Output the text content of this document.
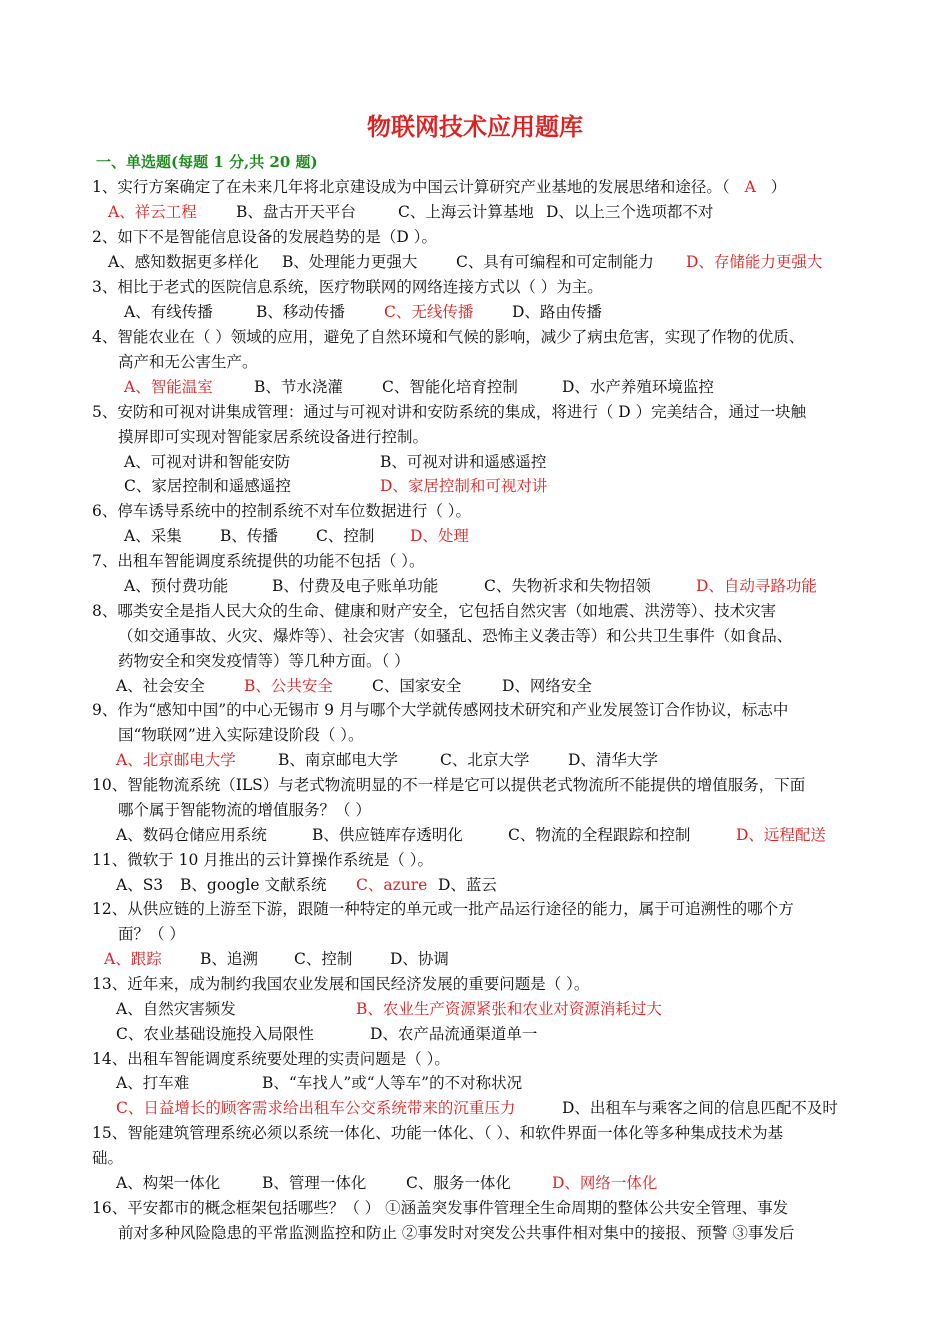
物联网技术应用题库
一、单选题(每题 1 分,共 20 题)
1、实行方案确定了在未来几年将北京建设成为中国云计算研究产业基地的发展思绪和途径。（ A ）
A、祥云工程	B、盘古开天平台	C、上海云计算基地 D、以上三个选项都不对
2、如下不是智能信息设备的发展趋势的是（D ）。
A、感知数据更多样化 B、处理能力更强大 C、具有可编程和可定制能力 D、存储能力更强大
3、相比于老式的医院信息系统，医疗物联网的网络连接方式以（ ）为主。
A、有线传播	B、移动传播	C、无线传播 D、路由传播
4、智能农业在（ ）领域的应用，避免了自然环境和气候的影响，减少了病虫危害，实现了作物的优质、
高产和无公害生产。
A、智能温室	B、节水浇灌	C、智能化培育控制	D、水产养殖环境监控
5、安防和可视对讲集成管理：通过与可视对讲和安防系统的集成，将进行（ D ）完美结合，通过一块触
摸屏即可实现对智能家居系统设备进行控制。
A、可视对讲和智能安防	B、可视对讲和遥感遥控
C、家居控制和遥感遥控	D、家居控制和可视对讲
6、停车诱导系统中的控制系统不对车位数据进行（ ）。
A、采集 B、传播 C、控制 D、处理
7、出租车智能调度系统提供的功能不包括（ ）。
A、预付费功能	B、付费及电子账单功能	C、失物祈求和失物招领	D、自动寻路功能
8、哪类安全是指人民大众的生命、健康和财产安全，它包括自然灾害（如地震、洪涝等）、技术灾害
（如交通事故、火灾、爆炸等）、社会灾害（如骚乱、恐怖主义袭击等）和公共卫生事件（如食品、
药物安全和突发疫情等）等几种方面。（ ）
A、社会安全	B、公共安全	C、国家安全	D、网络安全
9、作为“感知中国”的中心无锡市 9 月与哪个大学就传感网技术研究和产业发展签订合作协议，标志中
国“物联网”进入实际建设阶段（ ）。
A、北京邮电大学	B、南京邮电大学	C、北京大学 D、清华大学
10、智能物流系统（ILS）与老式物流明显的不一样是它可以提供老式物流所不能提供的增值服务，下面
哪个属于智能物流的增值服务？（ ）
A、数码仓储应用系统	B、供应链库存透明化	C、物流的全程跟踪和控制	D、远程配送
11、微软于 10 月推出的云计算操作系统是（ ）。
A、S3 B、google 文献系统 C、azure D、蓝云
12、从供应链的上游至下游，跟随一种特定的单元或一批产品运行途径的能力，属于可追溯性的哪个方
面？（ ）
A、跟踪 B、追溯 C、控制 D、协调
13、近年来，成为制约我国农业发展和国民经济发展的重要问题是（ ）。
A、自然灾害频发	B、农业生产资源紧张和农业对资源消耗过大
C、农业基础设施投入局限性	D、农产品流通渠道单一
14、出租车智能调度系统要处理的实责问题是（ ）。
A、打车难	B、“车找人”或“人等车”的不对称状况
C、日益增长的顾客需求给出租车公交系统带来的沉重压力	D、出租车与乘客之间的信息匹配不及时
15、智能建筑管理系统必须以系统一体化、功能一体化、（ ）、和软件界面一体化等多种集成技术为基
础。
A、构架一体化	B、管理一体化	C、服务一体化	D、网络一体化
16、平安都市的概念框架包括哪些？（ ） ①涵盖突发事件管理全生命周期的整体公共安全管理、事发
前对多种风险隐患的平常监测监控和防止 ②事发时对突发公共事件相对集中的接报、预警 ③事发后
